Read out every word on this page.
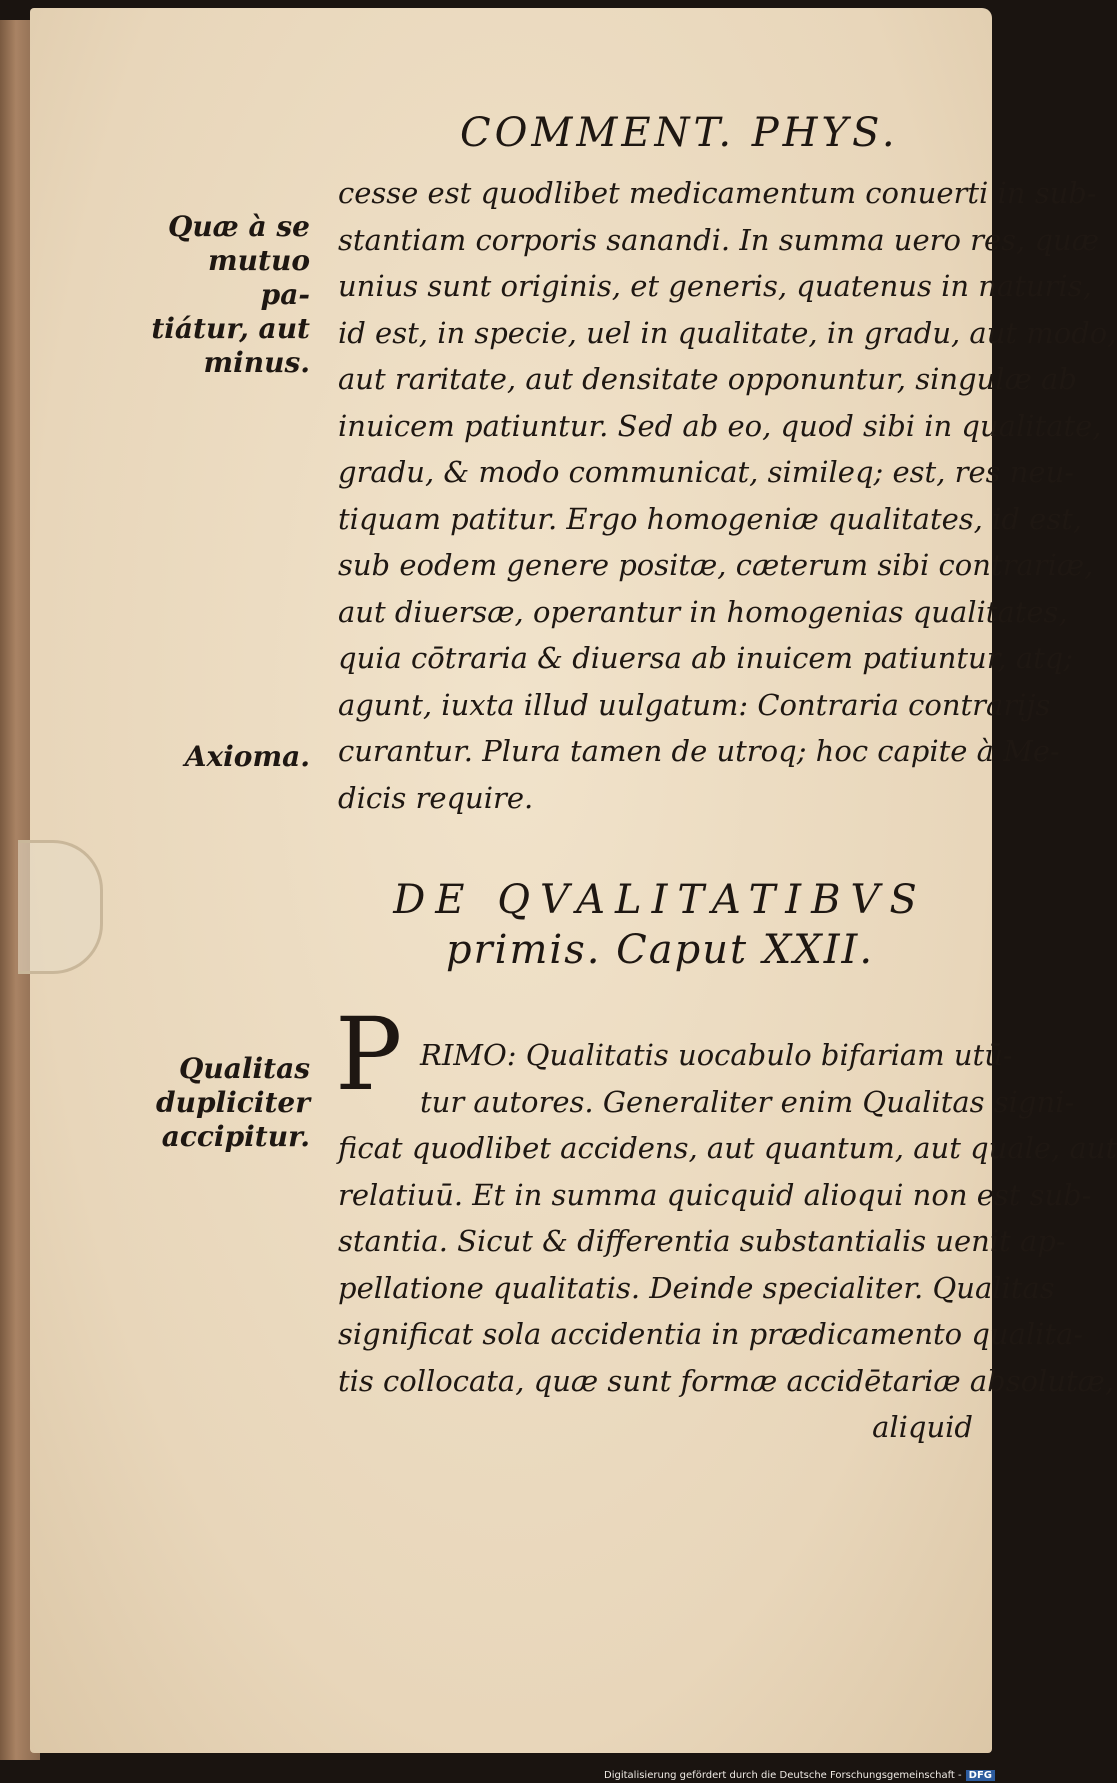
COMMENT. PHYS.
Quæ à se
mutuo pa-
tiátur, aut
minus.
Axioma.
Qualitas
dupliciter
accipitur.
cesse est quodlibet medicamentum conuerti in sub-
stantiam corporis sanandi. In summa uero res, quæ
unius sunt originis, et generis, quatenus in naturis,
id est, in specie, uel in qualitate, in gradu, aut modo,
aut raritate, aut densitate opponuntur, singulæ ab
inuicem patiuntur. Sed ab eo, quod sibi in qualitate,
gradu, & modo communicat, simileq; est, res neu-
tiquam patitur. Ergo homogeniæ qualitates, id est,
sub eodem genere positæ, cæterum sibi contrariæ,
aut diuersæ, operantur in homogenias qualitates,
quia cōtraria & diuersa ab inuicem patiuntur, atq;
agunt, iuxta illud uulgatum: Contraria contrarijs
curantur. Plura tamen de utroq; hoc capite à Me-
dicis require.
DE QVALITATIBVS
primis. Caput XXII.
P RIMO: Qualitatis uocabulo bifariam utū-
tur autores. Generaliter enim Qualitas signi-
ficat quodlibet accidens, aut quantum, aut quale, aut
relatiuū. Et in summa quicquid alioqui non est sub-
stantia. Sicut & differentia substantialis uenit ap-
pellatione qualitatis. Deinde specialiter. Qualitas
significat sola accidentia in prædicamento qualita-
tis collocata, quæ sunt formæ accidētariæ absolutæ,
aliquid
Digitalisierung gefördert durch die Deutsche Forschungsgemeinschaft - DFG
